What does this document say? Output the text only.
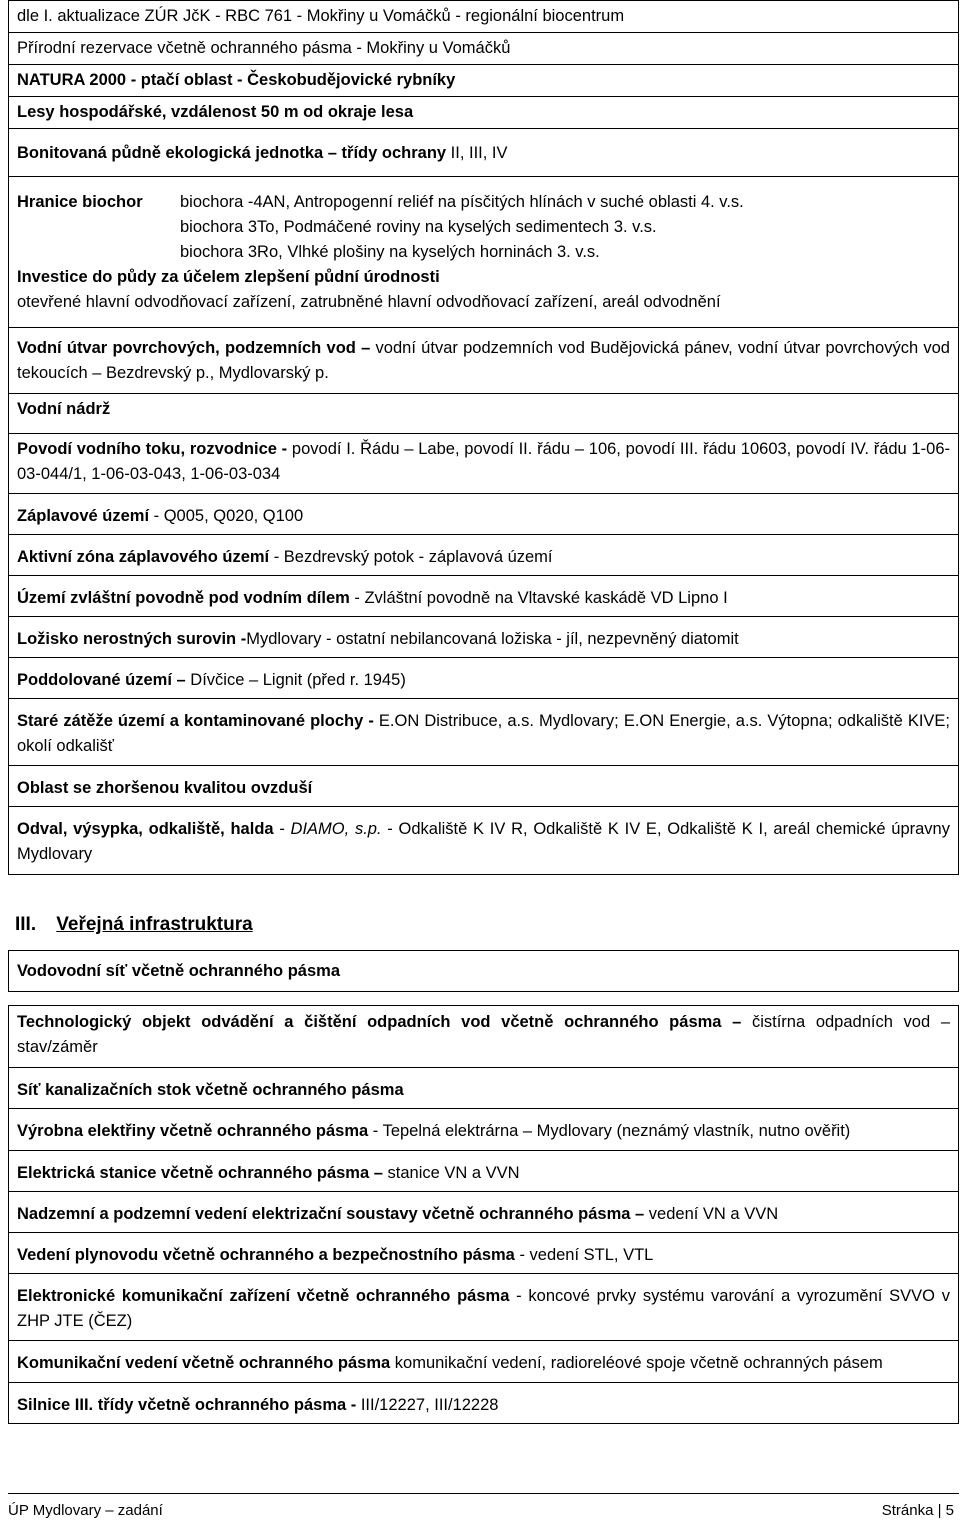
dle I. aktualizace ZÚR JčK - RBC 761 - Mokřiny u Vomáčků - regionální biocentrum
Přírodní rezervace včetně ochranného pásma - Mokřiny u Vomáčků
NATURA 2000 - ptačí oblast - Českobudějovické rybníky
Lesy hospodářské, vzdálenost 50 m od okraje lesa
Bonitovaná půdně ekologická jednotka – třídy ochrany II, III, IV

Hranice biochor	biochora -4AN, Antropogenní reliéf na písčitých hlínách v suché oblasti 4. v.s.
biochora 3To, Podmáčené roviny na kyselých sedimentech 3. v.s.
biochora 3Ro, Vlhké plošiny na kyselých horninách 3. v.s.
Investice do půdy za účelem zlepšení půdní úrodnosti
otevřené hlavní odvodňovací zařízení, zatrubněné hlavní odvodňovací zařízení, areál odvodnění

Vodní útvar povrchových, podzemních vod – vodní útvar podzemních vod Budějovická pánev, vodní útvar povrchových vod tekoucích – Bezdrevský p., Mydlovarský p.
Vodní nádrž
Povodí vodního toku, rozvodnice - povodí I. Řádu – Labe, povodí II. řádu – 106, povodí III. řádu 10603, povodí IV. řádu 1-06-03-044/1, 1-06-03-043, 1-06-03-034
Záplavové území - Q005, Q020, Q100
Aktivní zóna záplavového území - Bezdrevský potok - záplavová území
Území zvláštní povodně pod vodním dílem - Zvláštní povodně na Vltavské kaskádě VD Lipno I
Ložisko nerostných surovin -Mydlovary - ostatní nebilancovaná ložiska - jíl, nezpevněný diatomit
Poddolované území – Dívčice – Lignit (před r. 1945)
Staré zátěže území a kontaminované plochy - E.ON Distribuce, a.s. Mydlovary; E.ON Energie, a.s. Výtopna; odkaliště KIVE; okolí odkališť
Oblast se zhoršenou kvalitou ovzduší
Odval, výsypka, odkaliště, halda - DIAMO, s.p. - Odkaliště K IV R, Odkaliště K IV E, Odkaliště K I, areál chemické úpravny Mydlovary
III. Veřejná infrastruktura
Vodovodní síť včetně ochranného pásma
Technologický objekt odvádění a čištění odpadních vod včetně ochranného pásma – čistírna odpadních vod – stav/záměr
Síť kanalizačních stok včetně ochranného pásma
Výrobna elektřiny včetně ochranného pásma - Tepelná elektrárna – Mydlovary (neznámý vlastník, nutno ověřit)
Elektrická stanice včetně ochranného pásma – stanice VN a VVN
Nadzemní a podzemní vedení elektrizační soustavy včetně ochranného pásma – vedení VN a VVN
Vedení plynovodu včetně ochranného a bezpečnostního pásma - vedení STL, VTL
Elektronické komunikační zařízení včetně ochranného pásma - koncové prvky systému varování a vyrozumění SVVO v ZHP JTE (ČEZ)
Komunikační vedení včetně ochranného pásma komunikační vedení, radioreléové spoje včetně ochranných pásem
Silnice III. třídy včetně ochranného pásma - III/12227, III/12228
ÚP Mydlovary – zadání	Stránka | 5
